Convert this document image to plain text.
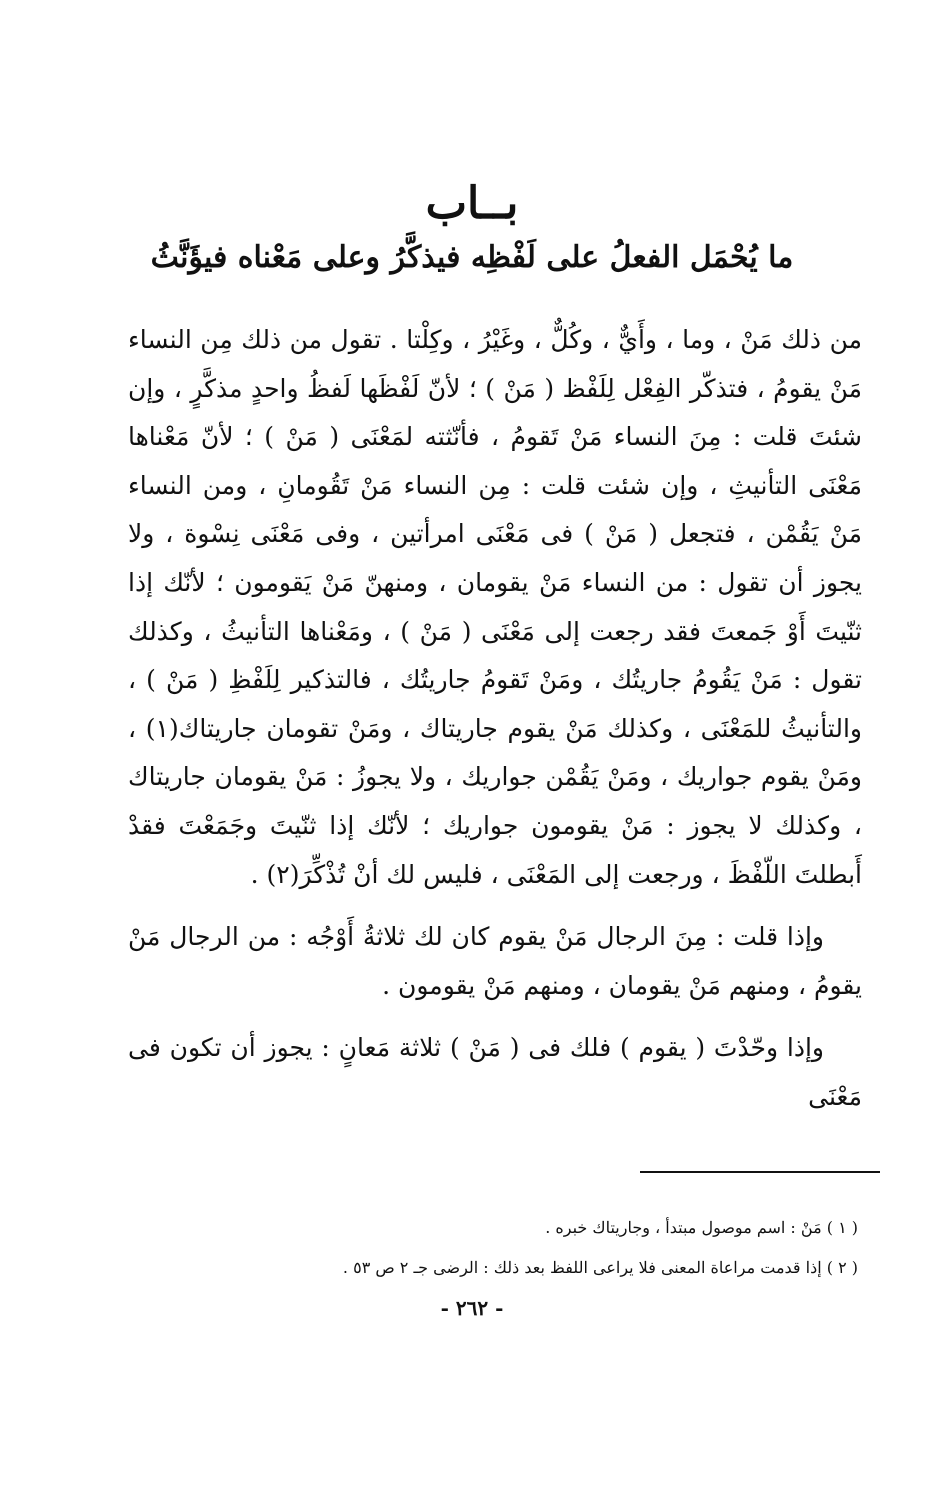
بــاب
ما يُحْمَل الفعلُ على لَفْظِه فيذكَّرُ وعلى مَعْناه فيؤَنَّثُ

من ذلك مَنْ ، وما ، وأَيٌّ ، وكُلٌّ ، وغَيْرُ ، وكِلْتا . تقول من ذلك مِن النساء مَنْ يقومُ ، فتذكّر الفِعْل لِلَفْظ ( مَنْ ) ؛ لأنّ لَفْظَها لَفظُ واحدٍ مذكَّرٍ ، وإن شئتَ قلت : مِنَ النساء مَنْ تَقومُ ، فأنّثته لمَعْنَى ( مَنْ ) ؛ لأنّ مَعْناها مَعْنَى التأنيثِ ، وإن شئت قلت : مِن النساء مَنْ تَقُومانِ ، ومن النساء مَنْ يَقُمْن ، فتجعل ( مَنْ ) فى مَعْنَى امرأتين ، وفى مَعْنَى نِسْوة ، ولا يجوز أن تقول : من النساء مَنْ يقومان ، ومنهنّ مَنْ يَقومون ؛ لأنّك إذا ثنّيتَ أَوْ جَمعتَ فقد رجعت إلى مَعْنَى ( مَنْ ) ، ومَعْناها التأنيثُ ، وكذلك تقول : مَنْ يَقُومُ جاريتُك ، ومَنْ تَقومُ جاريتُك ، فالتذكير لِلَفْظِ ( مَنْ ) ، والتأنيثُ للمَعْنَى ، وكذلك مَنْ يقوم جاريتاك ، ومَنْ تقومان جاريتاك(١) ، ومَنْ يقوم جواريك ، ومَنْ يَقُمْن جواريك ، ولا يجوزُ : مَنْ يقومان جاريتاك ، وكذلك لا يجوز : مَنْ يقومون جواريك ؛ لأنّك إذا ثنّيتَ وجَمَعْتَ فقدْ أَبطلتَ اللّفْظَ ، ورجعت إلى المَعْنَى ، فليس لك أنْ تُذْكِّرَ(٢) .

وإذا قلت : مِنَ الرجال مَنْ يقوم كان لك ثلاثةُ أَوْجُه : من الرجال مَنْ يقومُ ، ومنهم مَنْ يقومان ، ومنهم مَنْ يقومون .

وإذا وحّدْتَ ( يقوم ) فلك فى ( مَنْ ) ثلاثة مَعانٍ : يجوز أن تكون فى مَعْنَى

( ١ ) مَنْ : اسم موصول مبتدأ ، وجاريتاك خبره .

( ٢ ) إذا قدمت مراعاة المعنى فلا يراعى اللفظ بعد ذلك : الرضى جـ ٢ ص ٥٣ .

- ٢٦٢ -
